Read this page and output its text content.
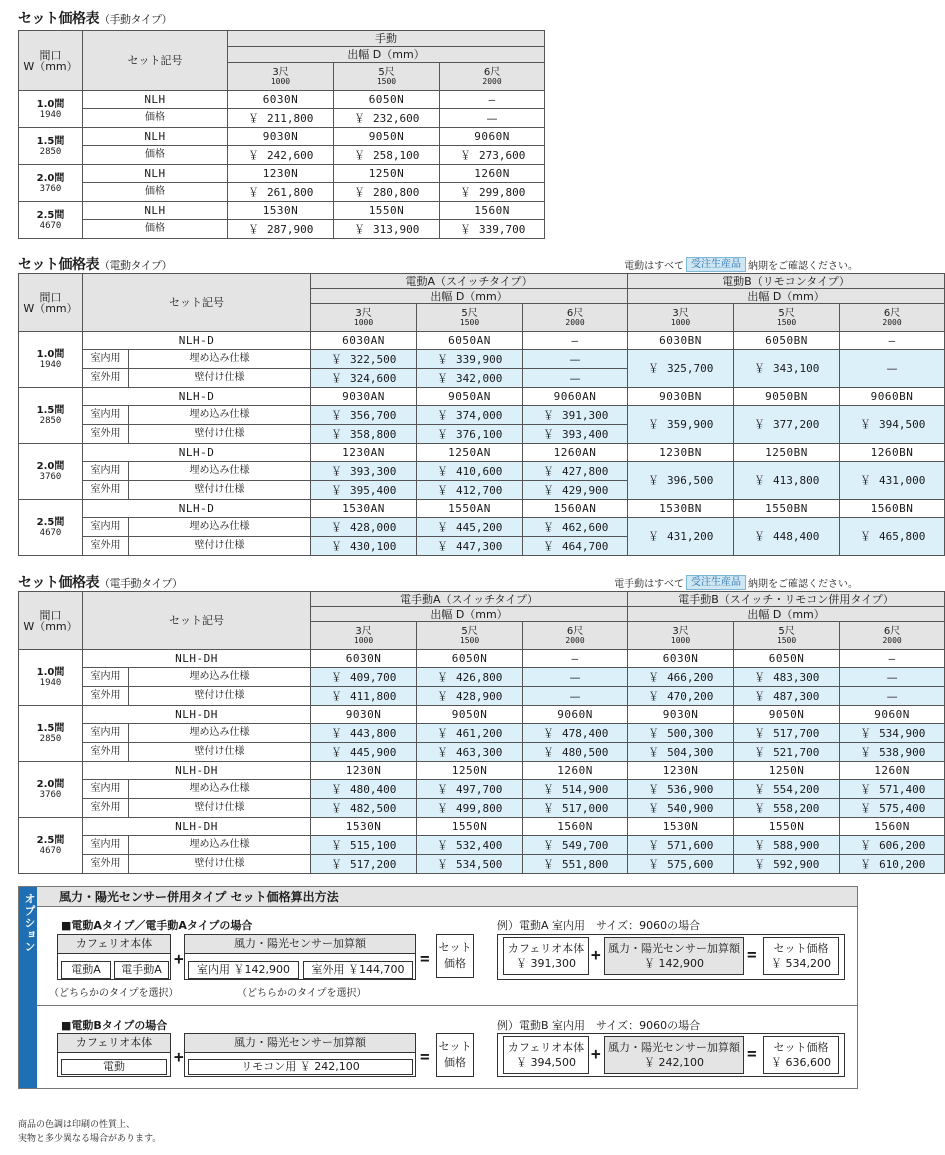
セット価格表（手動タイプ）
間口
W（mm）	セット記号	手動		
		出幅 D（mm）		

		3尺
1000	5尺
1500	6尺
2000

1.0間
1940	NLH	6030N	6050N	—
	価格	￥ 211,800	￥ 232,600	—

1.5間
2850	NLH	9030N	9050N	9060N
	価格	￥ 242,600	￥ 258,100	￥ 273,600

2.0間
3760	NLH	1230N	1250N	1260N
	価格	￥ 261,800	￥ 280,800	￥ 299,800

2.5間
4670	NLH	1530N	1550N	1560N
	価格	￥ 287,900	￥ 313,900	￥ 339,700
セット価格表（電動タイプ）	電動はすべて 受注生産品 納期をご確認ください。
間口
W（mm）	セット記号		電動A（スイッチタイプ）			電動B（リモコンタイプ）		
			出幅 D（mm）			出幅 D（mm）		

			3尺
1000	5尺
1500	6尺
2000	3尺
1000	5尺
1500	6尺
2000

1.0間
1940	NLH-D		6030AN	6050AN	—	6030BN	6050BN	—
	室内用	埋め込み仕様	￥ 322,500	￥ 339,900	—	￥ 325,700	￥ 343,100	—
	室外用	壁付け仕様	￥ 324,600	￥ 342,000	—			

1.5間
2850	NLH-D		9030AN	9050AN	9060AN	9030BN	9050BN	9060BN
	室内用	埋め込み仕様	￥ 356,700	￥ 374,000	￥ 391,300	￥ 359,900	￥ 377,200	￥ 394,500
	室外用	壁付け仕様	￥ 358,800	￥ 376,100	￥ 393,400			

2.0間
3760	NLH-D		1230AN	1250AN	1260AN	1230BN	1250BN	1260BN
	室内用	埋め込み仕様	￥ 393,300	￥ 410,600	￥ 427,800	￥ 396,500	￥ 413,800	￥ 431,000
	室外用	壁付け仕様	￥ 395,400	￥ 412,700	￥ 429,900			

2.5間
4670	NLH-D		1530AN	1550AN	1560AN	1530BN	1550BN	1560BN
	室内用	埋め込み仕様	￥ 428,000	￥ 445,200	￥ 462,600	￥ 431,200	￥ 448,400	￥ 465,800
	室外用	壁付け仕様	￥ 430,100	￥ 447,300	￥ 464,700			
セット価格表（電手動タイプ）	電手動はすべて 受注生産品 納期をご確認ください。
間口
W（mm）	セット記号		電手動A（スイッチタイプ）			電手動B（スイッチ・リモコン併用タイプ）		
			出幅 D（mm）			出幅 D（mm）		

			3尺
1000	5尺
1500	6尺
2000	3尺
1000	5尺
1500	6尺
2000

1.0間
1940	NLH-DH		6030N	6050N	—	6030N	6050N	—
	室内用	埋め込み仕様	￥ 409,700	￥ 426,800	—	￥ 466,200	￥ 483,300	—
	室外用	壁付け仕様	￥ 411,800	￥ 428,900	—	￥ 470,200	￥ 487,300	—

1.5間
2850	NLH-DH		9030N	9050N	9060N	9030N	9050N	9060N
	室内用	埋め込み仕様	￥ 443,800	￥ 461,200	￥ 478,400	￥ 500,300	￥ 517,700	￥ 534,900
	室外用	壁付け仕様	￥ 445,900	￥ 463,300	￥ 480,500	￥ 504,300	￥ 521,700	￥ 538,900

2.0間
3760	NLH-DH		1230N	1250N	1260N	1230N	1250N	1260N
	室内用	埋め込み仕様	￥ 480,400	￥ 497,700	￥ 514,900	￥ 536,900	￥ 554,200	￥ 571,400
	室外用	壁付け仕様	￥ 482,500	￥ 499,800	￥ 517,000	￥ 540,900	￥ 558,200	￥ 575,400

2.5間
4670	NLH-DH		1530N	1550N	1560N	1530N	1550N	1560N
	室内用	埋め込み仕様	￥ 515,100	￥ 532,400	￥ 549,700	￥ 571,600	￥ 588,900	￥ 606,200
	室外用	壁付け仕様	￥ 517,200	￥ 534,500	￥ 551,800	￥ 575,600	￥ 592,900	￥ 610,200
オプション	風力・陽光センサー併用タイプ セット価格算出方法
■電動Aタイプ／電手動Aタイプの場合
カフェリオ本体
電動A	電手動A
（どちらかのタイプを選択）
+
風力・陽光センサー加算額
室内用 ￥142,900	室外用 ￥144,700
（どちらかのタイプを選択）
=
セット
価格
例）電動A 室内用　サイズ：9060の場合
カフェリオ本体
￥ 391,300 + 風力・陽光センサー加算額
￥ 142,900	=	セット価格
￥ 534,200
■電動Bタイプの場合
カフェリオ本体
電動
+
風力・陽光センサー加算額
リモコン用 ￥ 242,100
=
セット
価格
例）電動B 室内用　サイズ：9060の場合
カフェリオ本体
￥ 394,500 + 風力・陽光センサー加算額
￥ 242,100	=	セット価格
￥ 636,600
商品の色調は印刷の性質上、
実物と多少異なる場合があります。
